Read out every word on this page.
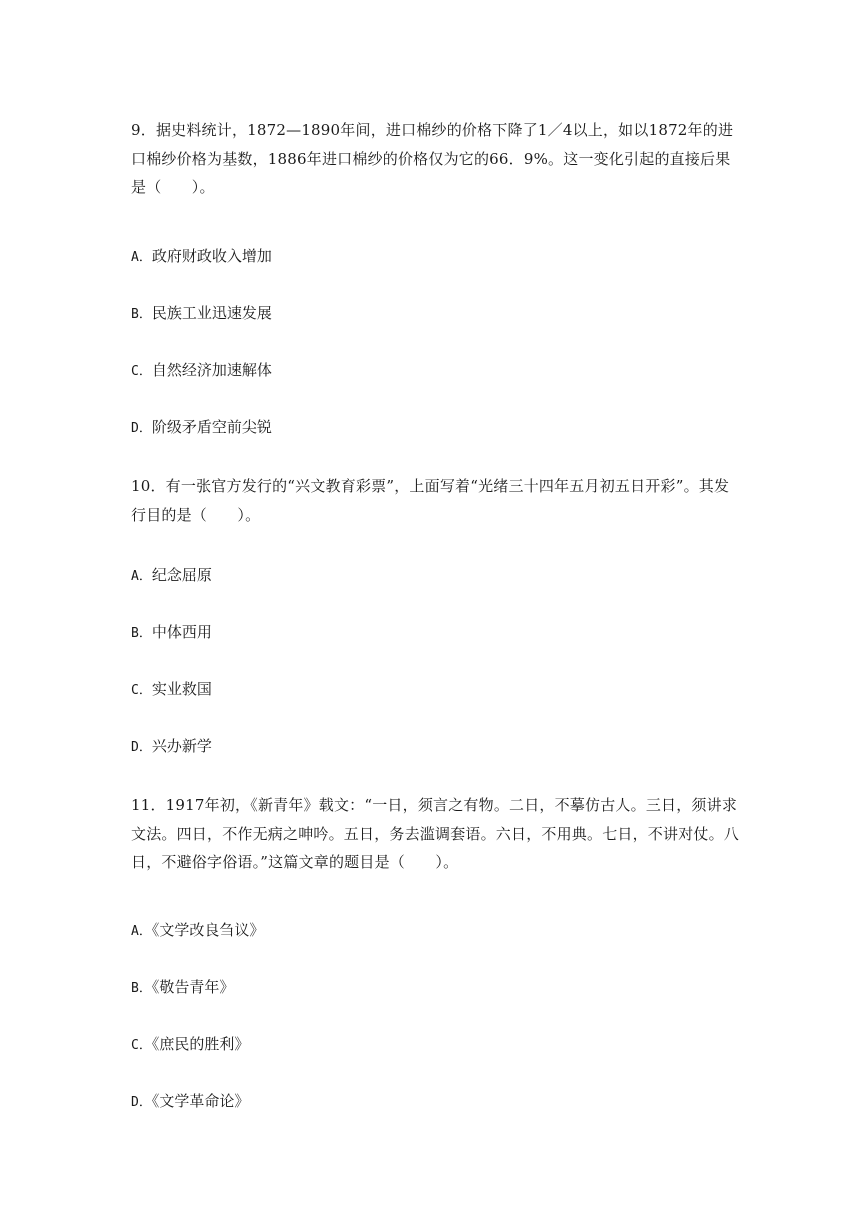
9．据史料统计，1872—1890年间，进口棉纱的价格下降了1／4以上，如以1872年的进口棉纱价格为基数，1886年进口棉纱的价格仅为它的66．9%。这一变化引起的直接后果是（　　）。

A．政府财政收入增加

B．民族工业迅速发展

C．自然经济加速解体

D．阶级矛盾空前尖锐

10．有一张官方发行的“兴文教育彩票”，上面写着“光绪三十四年五月初五日开彩”。其发行目的是（　　）。

A．纪念屈原

B．中体西用

C．实业救国

D．兴办新学

11．1917年初，《新青年》载文：“一日，须言之有物。二日，不摹仿古人。三日，须讲求文法。四日，不作无病之呻吟。五日，务去滥调套语。六日，不用典。七日，不讲对仗。八日，不避俗字俗语。”这篇文章的题目是（　　）。

A．《文学改良刍议》

B．《敬告青年》

C．《庶民的胜利》

D．《文学革命论》
